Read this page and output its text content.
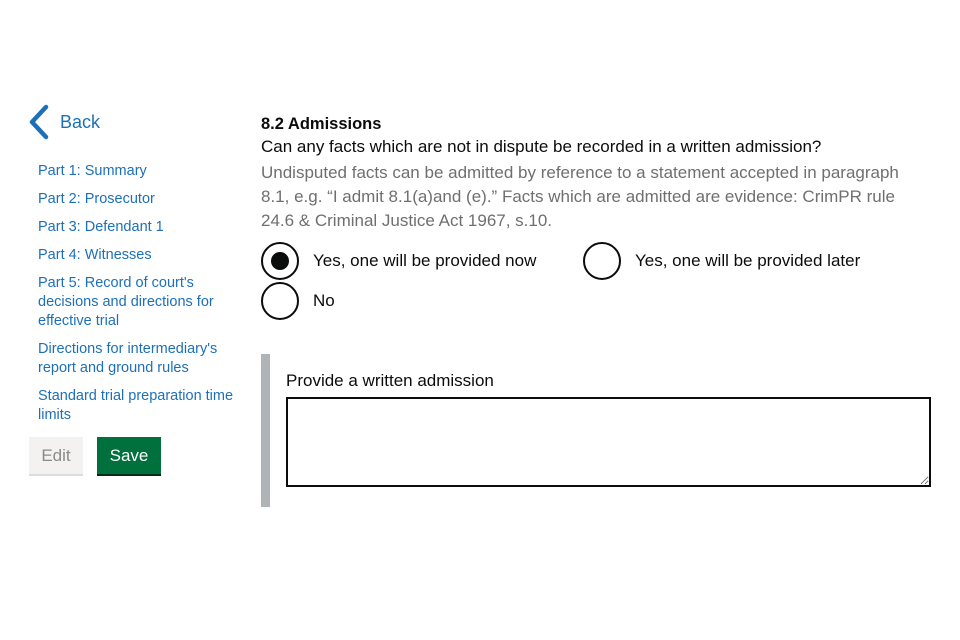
Back
Part 1: Summary
Part 2: Prosecutor
Part 3: Defendant 1
Part 4: Witnesses
Part 5: Record of court's decisions and directions for effective trial
Directions for intermediary's report and ground rules
Standard trial preparation time limits
Edit	Save
8.2 Admissions

Can any facts which are not in dispute be recorded in a written admission?

Undisputed facts can be admitted by reference to a statement accepted in paragraph 8.1, e.g. “I admit 8.1(a)and (e).” Facts which are admitted are evidence: CrimPR rule 24.6 & Criminal Justice Act 1967, s.10.

Yes, one will be provided now	Yes, one will be provided later
No
Provide a written admission
